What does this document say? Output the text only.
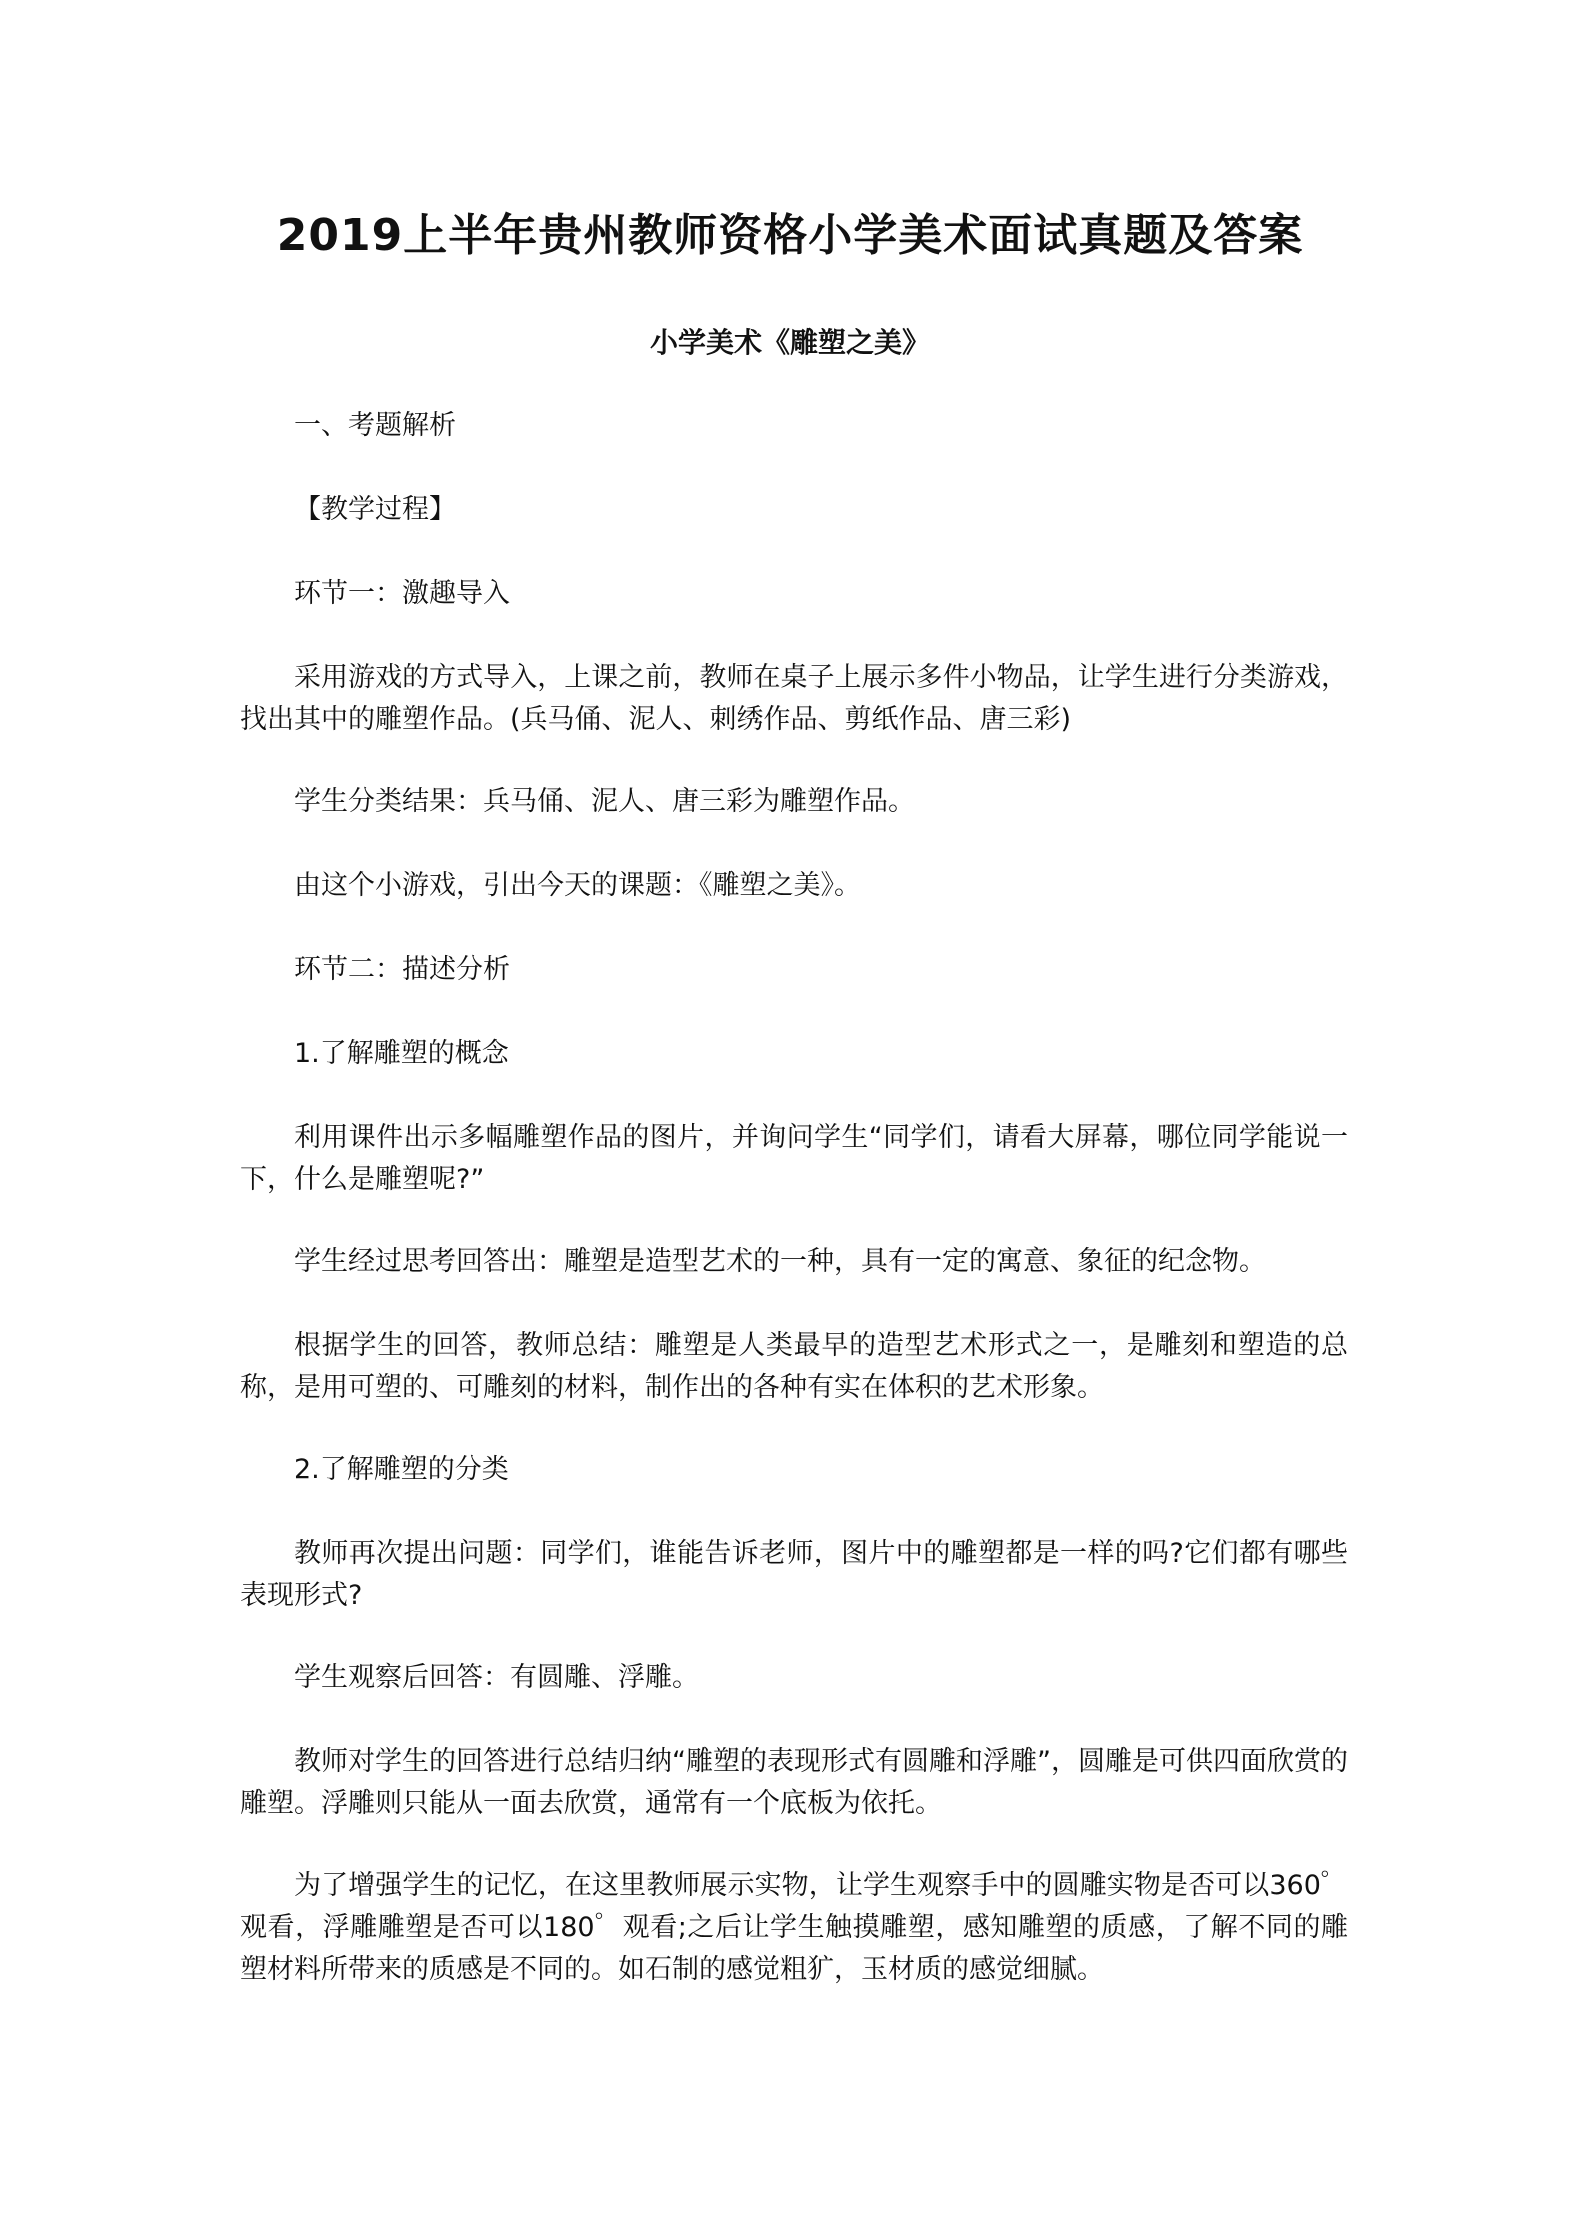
2019上半年贵州教师资格小学美术面试真题及答案
小学美术《雕塑之美》

一、考题解析

【教学过程】

环节一：激趣导入

采用游戏的方式导入，上课之前，教师在桌子上展示多件小物品，让学生进行分类游戏，找出其中的雕塑作品。(兵马俑、泥人、刺绣作品、剪纸作品、唐三彩)

学生分类结果：兵马俑、泥人、唐三彩为雕塑作品。

由这个小游戏，引出今天的课题：《雕塑之美》。

环节二：描述分析

1.了解雕塑的概念

利用课件出示多幅雕塑作品的图片，并询问学生“同学们，请看大屏幕，哪位同学能说一下，什么是雕塑呢?”

学生经过思考回答出：雕塑是造型艺术的一种，具有一定的寓意、象征的纪念物。

根据学生的回答，教师总结：雕塑是人类最早的造型艺术形式之一，是雕刻和塑造的总称，是用可塑的、可雕刻的材料，制作出的各种有实在体积的艺术形象。

2.了解雕塑的分类

教师再次提出问题：同学们，谁能告诉老师，图片中的雕塑都是一样的吗?它们都有哪些表现形式?

学生观察后回答：有圆雕、浮雕。

教师对学生的回答进行总结归纳“雕塑的表现形式有圆雕和浮雕”，圆雕是可供四面欣赏的雕塑。浮雕则只能从一面去欣赏，通常有一个底板为依托。

为了增强学生的记忆，在这里教师展示实物，让学生观察手中的圆雕实物是否可以360゜观看，浮雕雕塑是否可以180゜观看;之后让学生触摸雕塑，感知雕塑的质感，了解不同的雕塑材料所带来的质感是不同的。如石制的感觉粗犷，玉材质的感觉细腻。
